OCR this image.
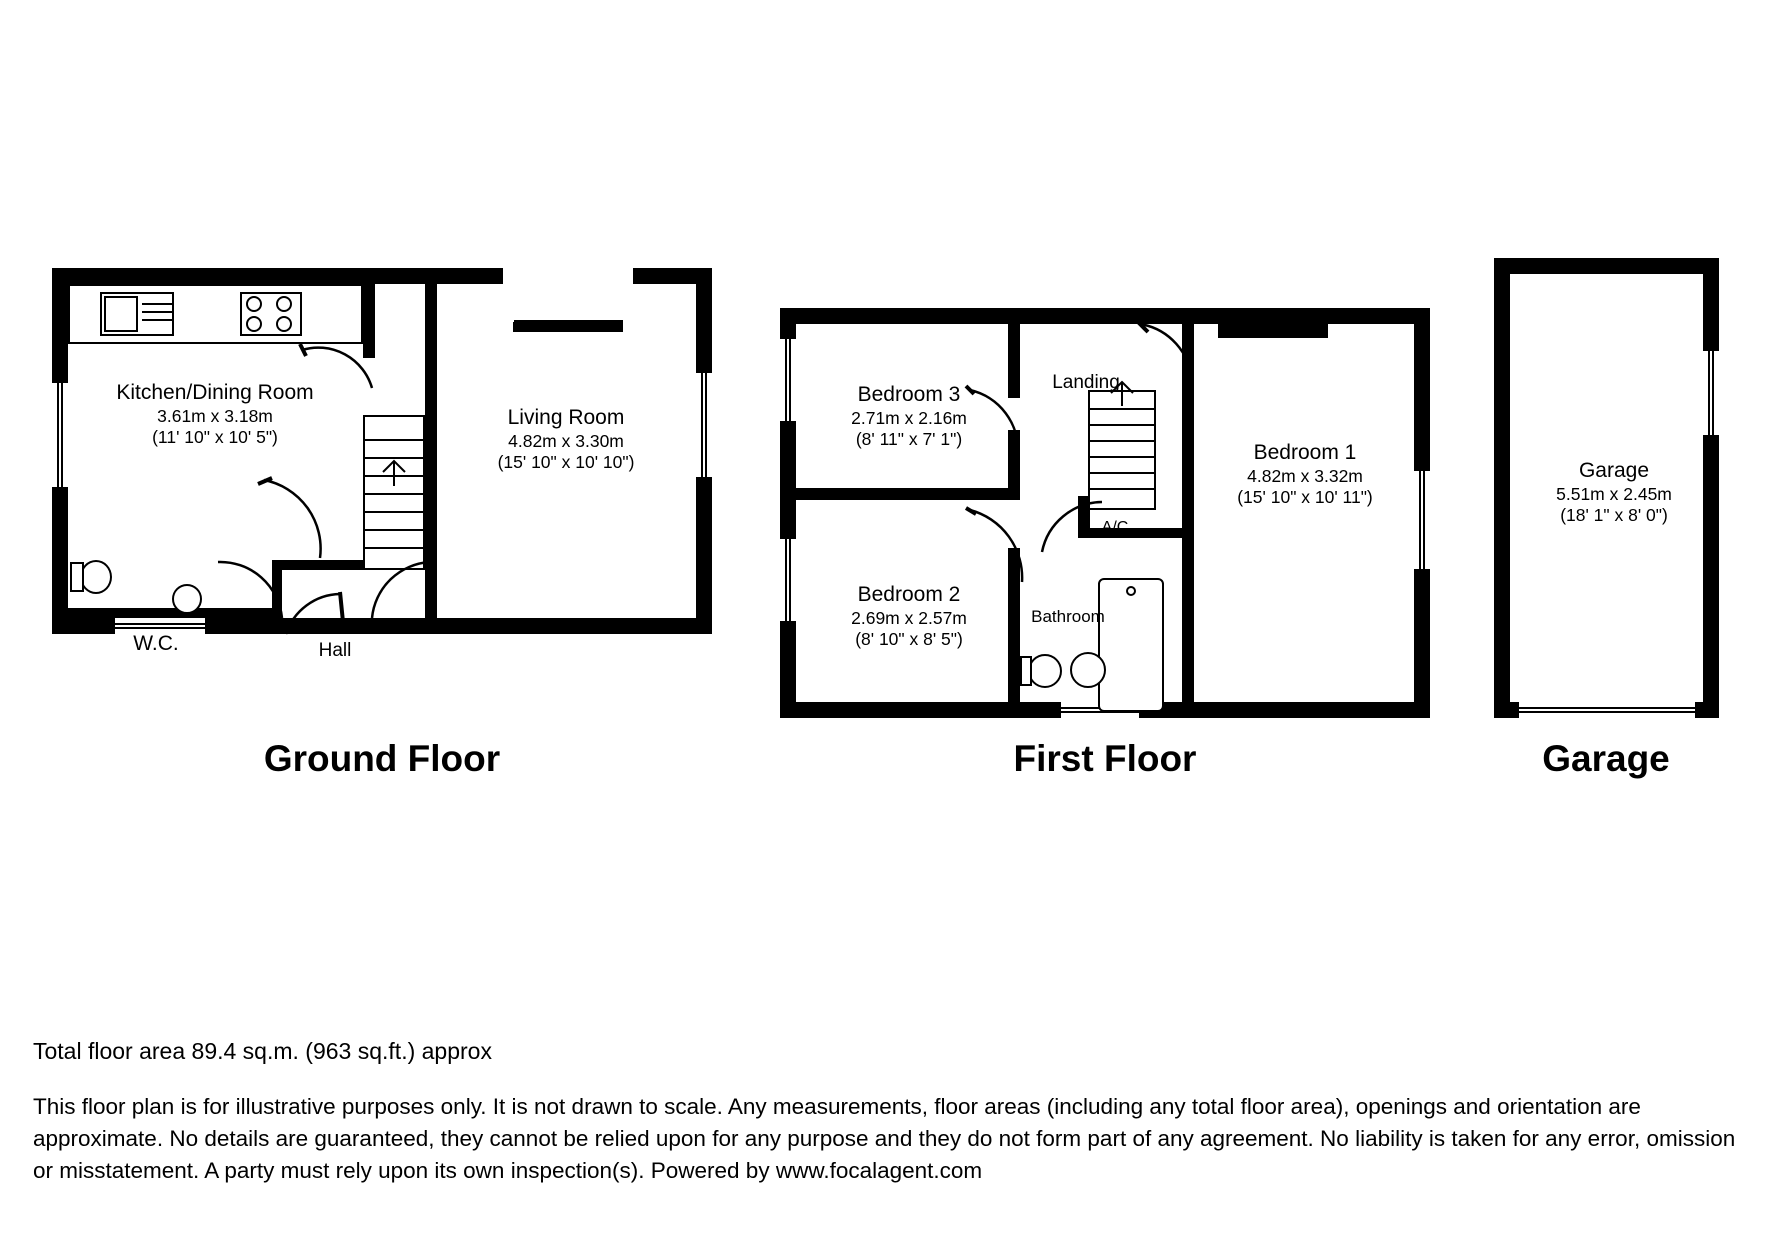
Kitchen/Dining Room
3.61m x 3.18m
(11' 10" x 10' 5")
Living Room
4.82m x 3.30m
(15' 10" x 10' 10")
W.C.	Hall
Ground Floor
Bedroom 3
2.71m x 2.16m
(8' 11" x 7' 1")
Bedroom 2
2.69m x 2.57m
(8' 10" x 8' 5")
Bedroom 1
4.82m x 3.32m
(15' 10" x 10' 11")
Landing
Bathroom
A/C
First Floor
Garage
5.51m x 2.45m
(18' 1" x 8' 0")
Garage
Total floor area 89.4 sq.m. (963 sq.ft.) approx
This floor plan is for illustrative purposes only. It is not drawn to scale. Any measurements, floor areas (including any total floor area), openings and orientation are approximate. No details are guaranteed, they cannot be relied upon for any purpose and they do not form part of any agreement. No liability is taken for any error, omission or misstatement. A party must rely upon its own inspection(s). Powered by www.focalagent.com
